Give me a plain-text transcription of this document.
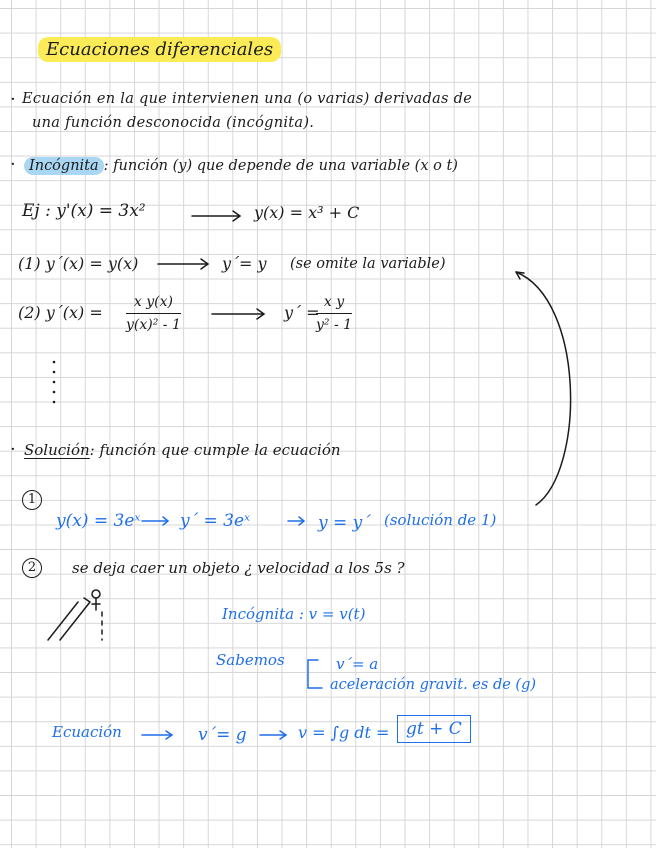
Ecuaciones diferenciales
· Ecuación en la que intervienen una (o varias) derivadas de
una función desconocida (incógnita).
· Incógnita : función (y) que depende de una variable (x o t)
Ej : y'(x) = 3x²	y(x) = x³ + C
(1) y´(x) = y(x)	y´= y (se omite la variable)
(2) y´(x) = $\frac{\text{x y(x)}}{\text{y(x)² - 1}}$	y´ =
$\frac{\text{x y}}{\text{y² - 1}}$
· Solución: función que cumple la ecuación
1
y(x) = 3eˣ y´ = 3eˣ	y = y´ (solución de 1)
2	se deja caer un objeto ¿ velocidad a los 5s ?
Incógnita : v = v(t)
Sabemos	v´= a
aceleración gravit. es de (g)
Ecuación	v´= g	v = ∫g dt = gt + C
